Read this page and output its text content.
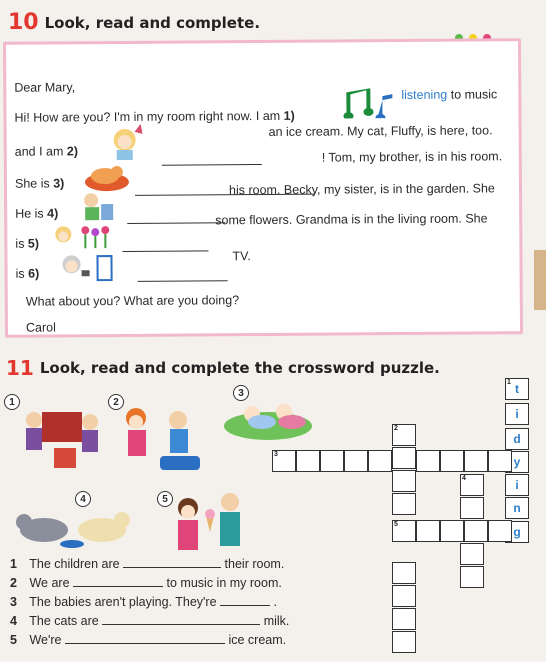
10 Look, read and complete.
Dear Mary,
Hi! How are you? I'm in my room right now. I am 1)
listening to music
and I am 2)
an ice cream. My cat, Fluffy, is here, too.
She is 3)
! Tom, my brother, is in his room.
He is 4)
his room. Becky, my sister, is in the garden. She
is 5)
some flowers. Grandma is in the living room. She
is 6)
TV.
What about you? What are you doing?
Carol
11 Look, read and complete the crossword puzzle.
1	2
3
4	5
1 The children are	their room.
2 We are	to music in my room.
3 The babies aren't playing. They're	.
4 The cats are	milk.
5 We're	ice cream.
1 t
i
d
y
i
n
g
2
3
4
5
